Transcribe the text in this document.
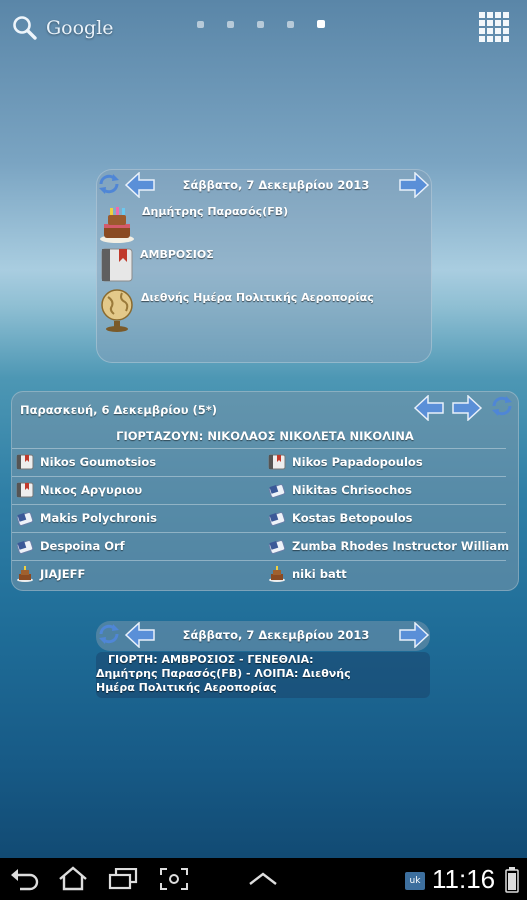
Google
Σάββατο, 7 Δεκεμβρίου 2013
Δημήτρης Παρασός(FB)
ΑΜΒΡΟΣΙΟΣ
Διεθνής Ημέρα Πολιτικής Αεροπορίας
Παρασκευή, 6 Δεκεμβρίου (5*)
ΓΙΟΡΤΑΖΟΥΝ: ΝΙΚΟΛΑΟΣ ΝΙΚΟΛΕΤΑ ΝΙΚΟΛΙΝΑ
Nikos Goumotsios	Nikos Papadopoulos
Νικος Αργυριου	Nikitas Chrisochos
Makis Polychronis	Kostas Betopoulos
Despoina Orf	Zumba Rhodes Instructor William
JIAJEFF	niki batt
Σάββατο, 7 Δεκεμβρίου 2013
ΓΙΟΡΤΗ: ΑΜΒΡΟΣΙΟΣ - ΓΕΝΕΘΛΙΑ: Δημήτρης Παρασός(FB) - ΛΟΙΠΑ: Διεθνής Ημέρα Πολιτικής Αεροπορίας
uk 11:16
